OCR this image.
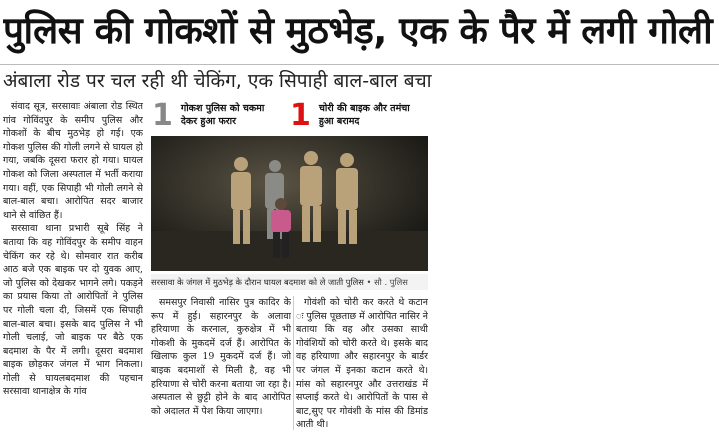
पुलिस की गोकशों से मुठभेड़, एक के पैर में लगी गोली
अंबाला रोड पर चल रही थी चेकिंग, एक सिपाही बाल-बाल बचा

संवाद सूत्र, सरसावाः अंबाला रोड स्थित गांव गोविंदपुर के समीप पुलिस और गोकशों के बीच मुठभेड़ हो गई। एक गोकश पुलिस की गोली लगने से घायल हो गया, जबकि दूसरा फरार हो गया। घायल गोकश को जिला अस्पताल में भर्ती कराया गया। वहीं, एक सिपाही भी गोली लगने से बाल-बाल बचा। आरोपित सदर बाजार थाने से वांछित हैं।

सरसावा थाना प्रभारी सूबे सिंह ने बताया कि वह गोविंदपुर के समीप वाहन चेकिंग कर रहे थे। सोमवार रात करीब आठ बजे एक बाइक पर दो युवक आए, जो पुलिस को देखकर भागने लगे। पकड़ने का प्रयास किया तो आरोपितों ने पुलिस पर गोली चला दी, जिसमें एक सिपाही बाल-बाल बचा। इसके बाद पुलिस ने भी गोली चलाई, जो बाइक पर बैठे एक बदमाश के पैर में लगी। दूसरा बदमाश बाइक छोड़कर जंगल में भाग निकला। गोली से घायलबदमाश की पहचान सरसावा थानाक्षेत्र के गांव

1 गोकश पुलिस को चकमा देकर हुआ फरार	1 चोरी की बाइक और तमंचा हुआ बरामद
सरसावा के जंगल में मुठभेड़ के दौरान घायल बदमाश को ले जाती पुलिस • सौ . पुलिस

समसपुर निवासी नासिर पुत्र कादिर के रूप में हुई। सहारनपुर के अलावा हरियाणा के करनाल, कुरुक्षेत्र में भी गोकशी के मुकदमें दर्ज हैं। आरोपित के खिलाफ कुल 19 मुकदमें दर्ज हैं। जो बाइक बदमाशों से मिली है, वह भी हरियाणा से चोरी करना बताया जा रहा है। अस्पताल से छुट्टी होने के बाद आरोपित को अदालत में पेश किया जाएगा।

गोवंशी को चोरी कर करते थे कटान ः पुलिस पूछताछ में आरोपित नासिर ने बताया कि वह और उसका साथी गोवंशियों को चोरी करते थे। इसके बाद वह हरियाणा और सहारनपुर के बार्डर पर जंगल में इनका कटान करते थे। मांस को सहारनपुर और उत्तराखंड में सप्लाई करते थे। आरोपितों के पास से बाट,सुए पर गोवंशी के मांस की डिमांड आती थी।
